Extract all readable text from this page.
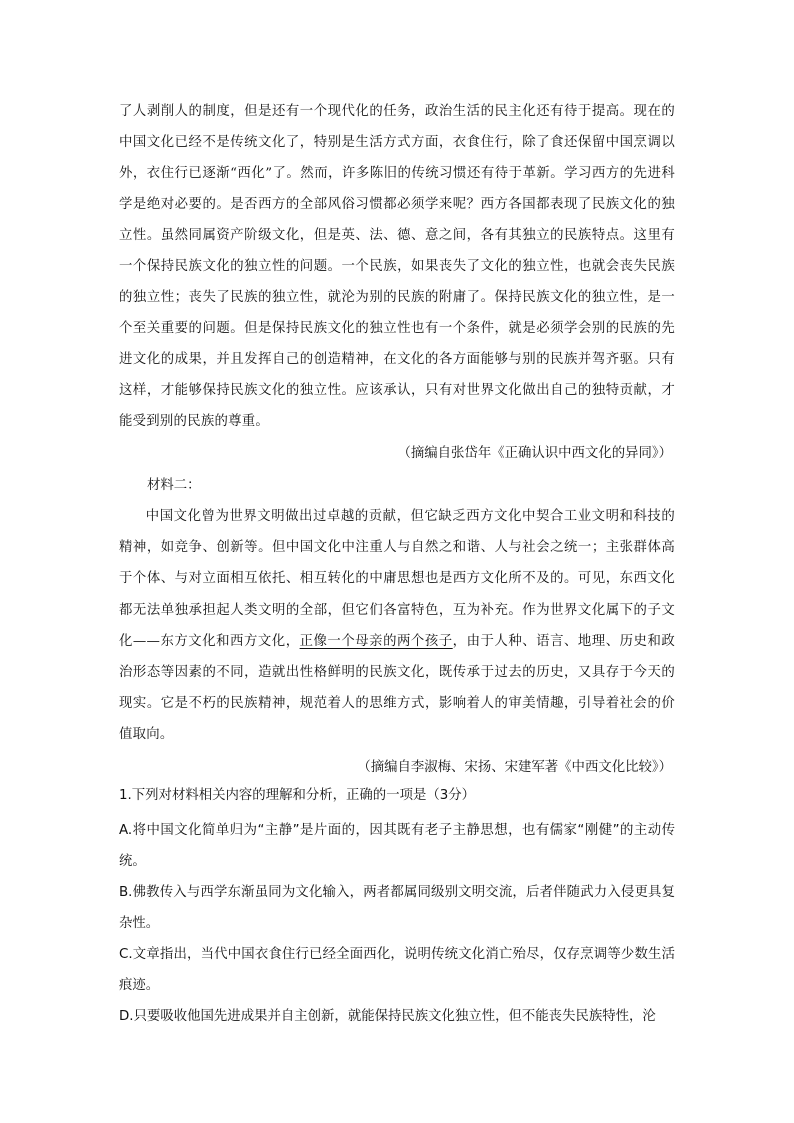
了人剥削人的制度，但是还有一个现代化的任务，政治生活的民主化还有待于提高。现在的中国文化已经不是传统文化了，特别是生活方式方面，衣食住行，除了食还保留中国烹调以外，衣住行已逐渐“西化”了。然而，许多陈旧的传统习惯还有待于革新。学习西方的先进科学是绝对必要的。是否西方的全部风俗习惯都必须学来呢？西方各国都表现了民族文化的独立性。虽然同属资产阶级文化，但是英、法、德、意之间，各有其独立的民族特点。这里有一个保持民族文化的独立性的问题。一个民族，如果丧失了文化的独立性，也就会丧失民族的独立性；丧失了民族的独立性，就沦为别的民族的附庸了。保持民族文化的独立性，是一个至关重要的问题。但是保持民族文化的独立性也有一个条件，就是必须学会别的民族的先进文化的成果，并且发挥自己的创造精神，在文化的各方面能够与别的民族并驾齐驱。只有这样，才能够保持民族文化的独立性。应该承认，只有对世界文化做出自己的独特贡献，才能受到别的民族的尊重。

（摘编自张岱年《正确认识中西文化的异同》）

材料二：

中国文化曾为世界文明做出过卓越的贡献，但它缺乏西方文化中契合工业文明和科技的精神，如竞争、创新等。但中国文化中注重人与自然之和谐、人与社会之统一；主张群体高于个体、与对立面相互依托、相互转化的中庸思想也是西方文化所不及的。可见，东西文化都无法单独承担起人类文明的全部，但它们各富特色，互为补充。作为世界文化属下的子文化——东方文化和西方文化，正像一个母亲的两个孩子，由于人种、语言、地理、历史和政治形态等因素的不同，造就出性格鲜明的民族文化，既传承于过去的历史，又具存于今天的现实。它是不朽的民族精神，规范着人的思维方式，影响着人的审美情趣，引导着社会的价值取向。

（摘编自李淑梅、宋扬、宋建军著《中西文化比较》）

1.下列对材料相关内容的理解和分析，正确的一项是（3分）

A.将中国文化简单归为“主静”是片面的，因其既有老子主静思想，也有儒家“刚健”的主动传统。

B.佛教传入与西学东渐虽同为文化输入，两者都属同级别文明交流，后者伴随武力入侵更具复杂性。

C.文章指出，当代中国衣食住行已经全面西化，说明传统文化消亡殆尽，仅存烹调等少数生活痕迹。

D.只要吸收他国先进成果并自主创新，就能保持民族文化独立性，但不能丧失民族特性，沦
